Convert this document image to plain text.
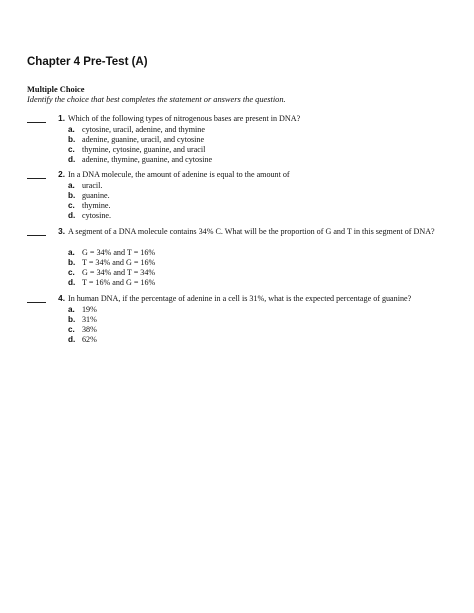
Chapter 4 Pre-Test (A)
Multiple Choice
Identify the choice that best completes the statement or answers the question.
1. Which of the following types of nitrogenous bases are present in DNA?
a. cytosine, uracil, adenine, and thymine
b. adenine, guanine, uracil, and cytosine
c. thymine, cytosine, guanine, and uracil
d. adenine, thymine, guanine, and cytosine
2. In a DNA molecule, the amount of adenine is equal to the amount of
a. uracil.
b. guanine.
c. thymine.
d. cytosine.
3. A segment of a DNA molecule contains 34% C. What will be the proportion of G and T in this segment of DNA?
a. G = 34% and T = 16%
b. T = 34% and G = 16%
c. G = 34% and T = 34%
d. T = 16% and G = 16%
4. In human DNA, if the percentage of adenine in a cell is 31%, what is the expected percentage of guanine?
a. 19%
b. 31%
c. 38%
d. 62%
